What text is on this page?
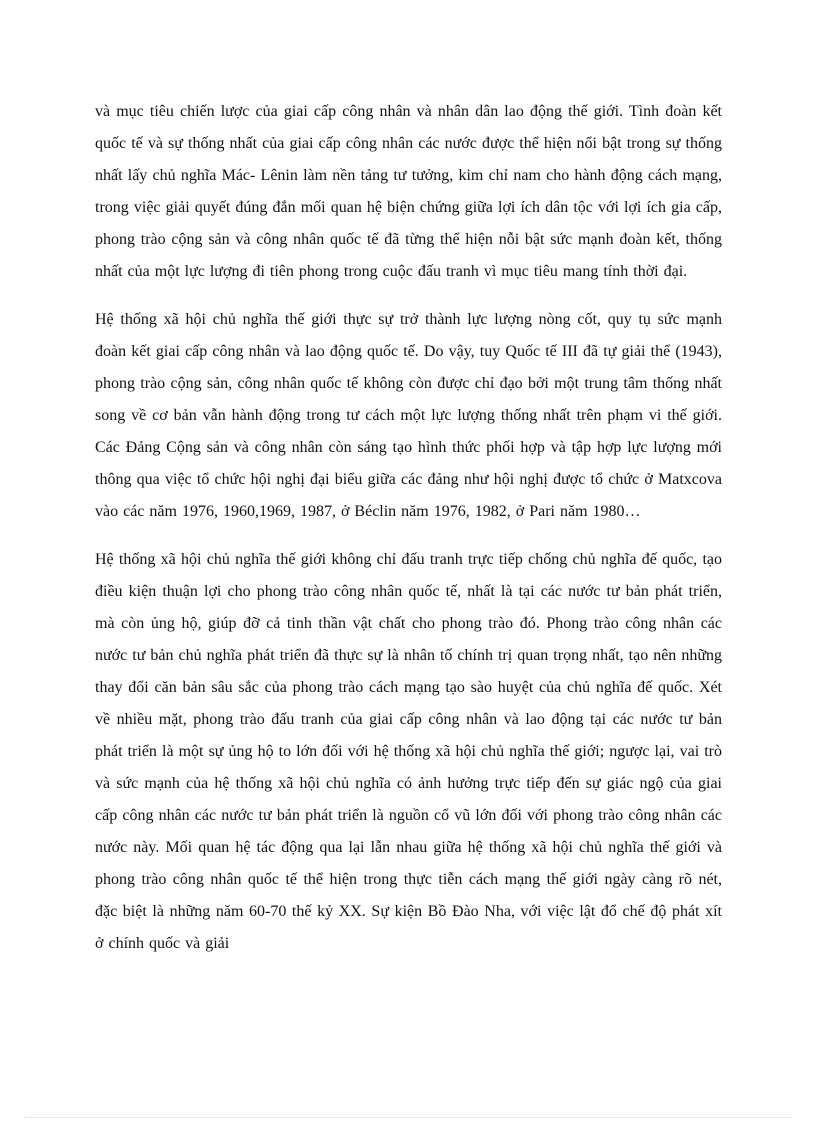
và mục tiêu chiến lược của giai cấp công nhân và nhân dân lao động thế giới. Tình đoàn kết quốc tế và sự thống nhất của giai cấp công nhân các nước được thể hiện nổi bật trong sự thống nhất lấy chủ nghĩa Mác- Lênin làm nền tảng tư tưởng, kim chỉ nam cho hành động cách mạng, trong việc giải quyết đúng đắn mối quan hệ biện chứng giữa lợi ích dân tộc với lợi ích gia cấp, phong trào cộng sản và công nhân quốc tế đã từng thể hiện nỗi bật sức mạnh đoàn kết, thống nhất của một lực lượng đi tiên phong trong cuộc đấu tranh vì mục tiêu mang tính thời đại.

Hệ thống xã hội chủ nghĩa thế giới thực sự trở thành lực lượng nòng cốt, quy tụ sức mạnh đoàn kết giai cấp công nhân và lao động quốc tế. Do vậy, tuy Quốc tế III đã tự giải thể (1943), phong trào cộng sản, công nhân quốc tế không còn được chỉ đạo bởi một trung tâm thống nhất song về cơ bản vẫn hành động trong tư cách một lực lượng thống nhất trên phạm vi thế giới. Các Đảng Cộng sản và công nhân còn sáng tạo hình thức phối hợp và tập hợp lực lượng mới thông qua việc tổ chức hội nghị đại biểu giữa các đảng như hội nghị được tổ chức ở Matxcova vào các năm 1976, 1960,1969, 1987, ở Béclin năm 1976, 1982, ở Pari năm 1980…

Hệ thống xã hội chủ nghĩa thế giới không chỉ đấu tranh trực tiếp chống chủ nghĩa đế quốc, tạo điều kiện thuận lợi cho phong trào công nhân quốc tế, nhất là tại các nước tư bản phát triển, mà còn ủng hộ, giúp đỡ cả tinh thần vật chất cho phong trào đó. Phong trào công nhân các nước tư bản chủ nghĩa phát triển đã thực sự là nhân tố chính trị quan trọng nhất, tạo nên những thay đổi căn bản sâu sắc của phong trào cách mạng tạo sào huyệt của chủ nghĩa đế quốc. Xét về nhiều mặt, phong trào đấu tranh của giai cấp công nhân và lao động tại các nước tư bản phát triển là một sự ủng hộ to lớn đối với hệ thống xã hội chủ nghĩa thế giới; ngược lại, vai trò và sức mạnh của hệ thống xã hội chủ nghĩa có ảnh hưởng trực tiếp đến sự giác ngộ của giai cấp công nhân các nước tư bản phát triển là nguồn cổ vũ lớn đối với phong trào công nhân các nước này. Mối quan hệ tác động qua lại lẫn nhau giữa hệ thống xã hội chủ nghĩa thế giới và phong trào công nhân quốc tế thể hiện trong thực tiễn cách mạng thế giới ngày càng rõ nét, đặc biệt là những năm 60-70 thế kỷ XX. Sự kiện Bồ Đào Nha, với việc lật đổ chế độ phát xít ở chính quốc và giải
